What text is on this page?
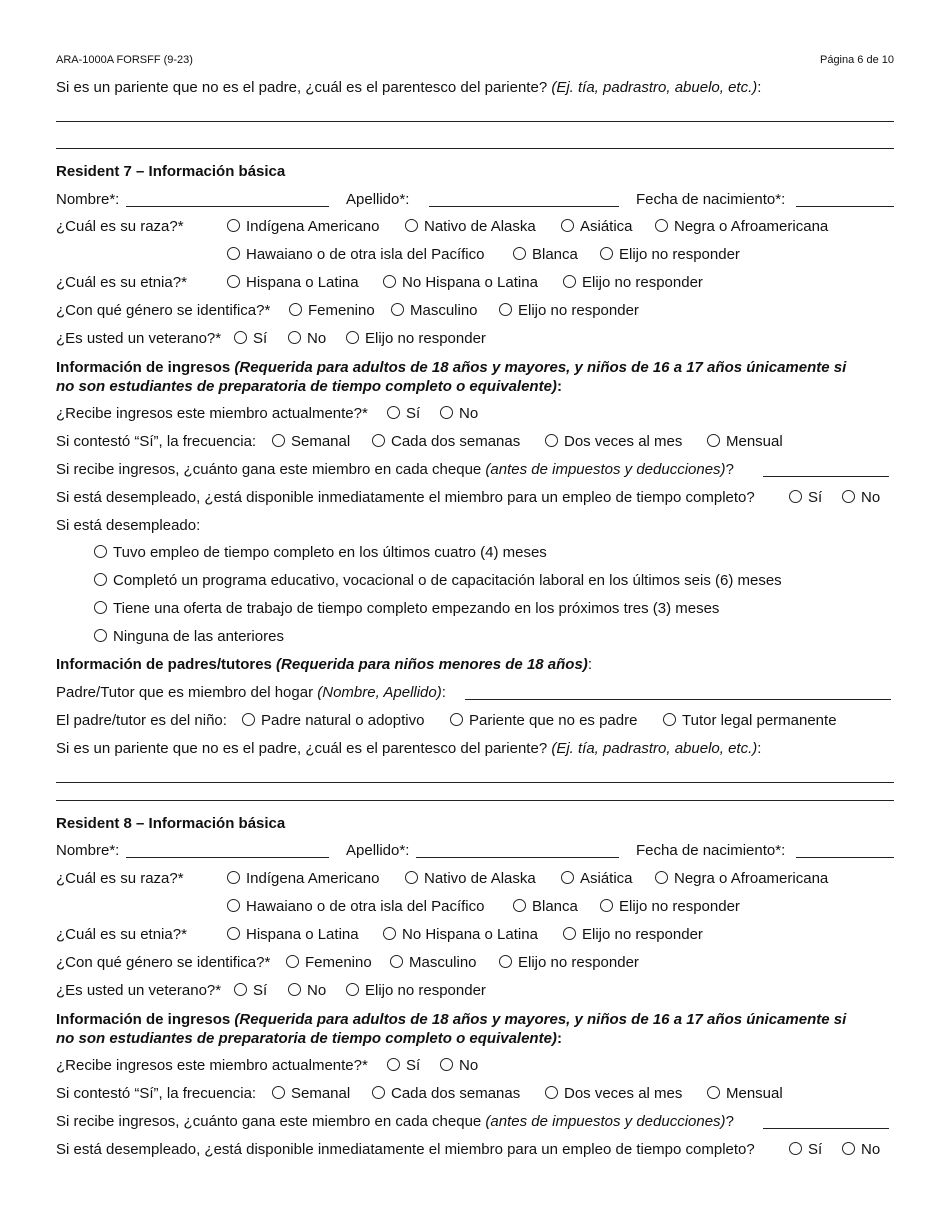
ARA-1000A FORSFF (9-23)	Página 6 de 10
Si es un pariente que no es el padre, ¿cuál es el parentesco del pariente? (Ej. tía, padrastro, abuelo, etc.):
Resident 7 – Información básica
Nombre*:	Apellido*:	Fecha de nacimiento*:
¿Cuál es su raza?*	Indígena Americano	Nativo de Alaska	Asiática	Negra o Afroamericana
Hawaiano o de otra isla del Pacífico	Blanca	Elijo no responder
¿Cuál es su etnia?*	Hispana o Latina	No Hispana o Latina	Elijo no responder
¿Con qué género se identifica?*	Femenino	Masculino	Elijo no responder
¿Es usted un veterano?*	Sí	No	Elijo no responder
Información de ingresos (Requerida para adultos de 18 años y mayores, y niños de 16 a 17 años únicamente si
no son estudiantes de preparatoria de tiempo completo o equivalente):
¿Recibe ingresos este miembro actualmente?*	Sí	No
Si contestó “Sí”, la frecuencia:	Semanal	Cada dos semanas	Dos veces al mes	Mensual
Si recibe ingresos, ¿cuánto gana este miembro en cada cheque (antes de impuestos y deducciones)?
Si está desempleado, ¿está disponible inmediatamente el miembro para un empleo de tiempo completo?	Sí	No
Si está desempleado:
Tuvo empleo de tiempo completo en los últimos cuatro (4) meses
Completó un programa educativo, vocacional o de capacitación laboral en los últimos seis (6) meses
Tiene una oferta de trabajo de tiempo completo empezando en los próximos tres (3) meses
Ninguna de las anteriores
Información de padres/tutores (Requerida para niños menores de 18 años):
Padre/Tutor que es miembro del hogar (Nombre, Apellido):
El padre/tutor es del niño:	Padre natural o adoptivo	Pariente que no es padre	Tutor legal permanente
Si es un pariente que no es el padre, ¿cuál es el parentesco del pariente? (Ej. tía, padrastro, abuelo, etc.):
Resident 8 – Información básica
Nombre*:	Apellido*:	Fecha de nacimiento*:
¿Cuál es su raza?*	Indígena Americano	Nativo de Alaska	Asiática	Negra o Afroamericana
Hawaiano o de otra isla del Pacífico	Blanca	Elijo no responder
¿Cuál es su etnia?*	Hispana o Latina	No Hispana o Latina	Elijo no responder
¿Con qué género se identifica?*	Femenino	Masculino	Elijo no responder
¿Es usted un veterano?*	Sí	No	Elijo no responder
Información de ingresos (Requerida para adultos de 18 años y mayores, y niños de 16 a 17 años únicamente si
no son estudiantes de preparatoria de tiempo completo o equivalente):
¿Recibe ingresos este miembro actualmente?*	Sí	No
Si contestó “Sí”, la frecuencia:	Semanal	Cada dos semanas	Dos veces al mes	Mensual
Si recibe ingresos, ¿cuánto gana este miembro en cada cheque (antes de impuestos y deducciones)?
Si está desempleado, ¿está disponible inmediatamente el miembro para un empleo de tiempo completo?	Sí	No
